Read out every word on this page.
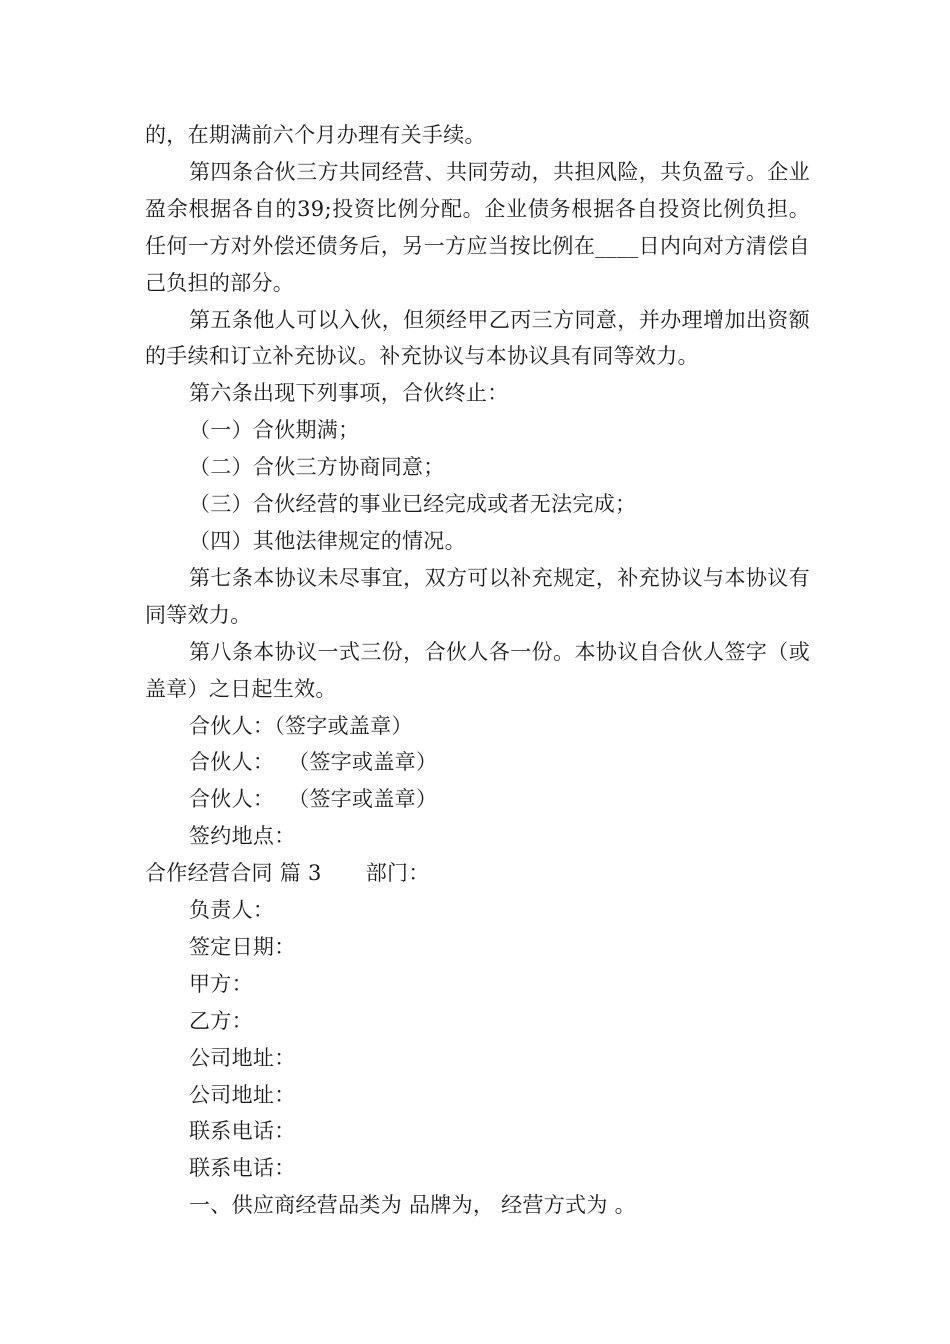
的，在期满前六个月办理有关手续。

第四条合伙三方共同经营、共同劳动，共担风险，共负盈亏。企业盈余根据各自的39;投资比例分配。企业债务根据各自投资比例负担。任何一方对外偿还债务后，另一方应当按比例在____日内向对方清偿自己负担的部分。

第五条他人可以入伙，但须经甲乙丙三方同意，并办理增加出资额的手续和订立补充协议。补充协议与本协议具有同等效力。

第六条出现下列事项，合伙终止：

（一）合伙期满；

（二）合伙三方协商同意；

（三）合伙经营的事业已经完成或者无法完成；

（四）其他法律规定的情况。

第七条本协议未尽事宜，双方可以补充规定，补充协议与本协议有同等效力。

第八条本协议一式三份，合伙人各一份。本协议自合伙人签字（或盖章）之日起生效。

合伙人：（签字或盖章）

合伙人：  （签字或盖章）

合伙人：  （签字或盖章）

签约地点：

合作经营合同 篇 3 部门：

负责人：

签定日期：

甲方：

乙方：

公司地址：

公司地址：

联系电话：

联系电话：

一、供应商经营品类为 品牌为， 经营方式为 。
